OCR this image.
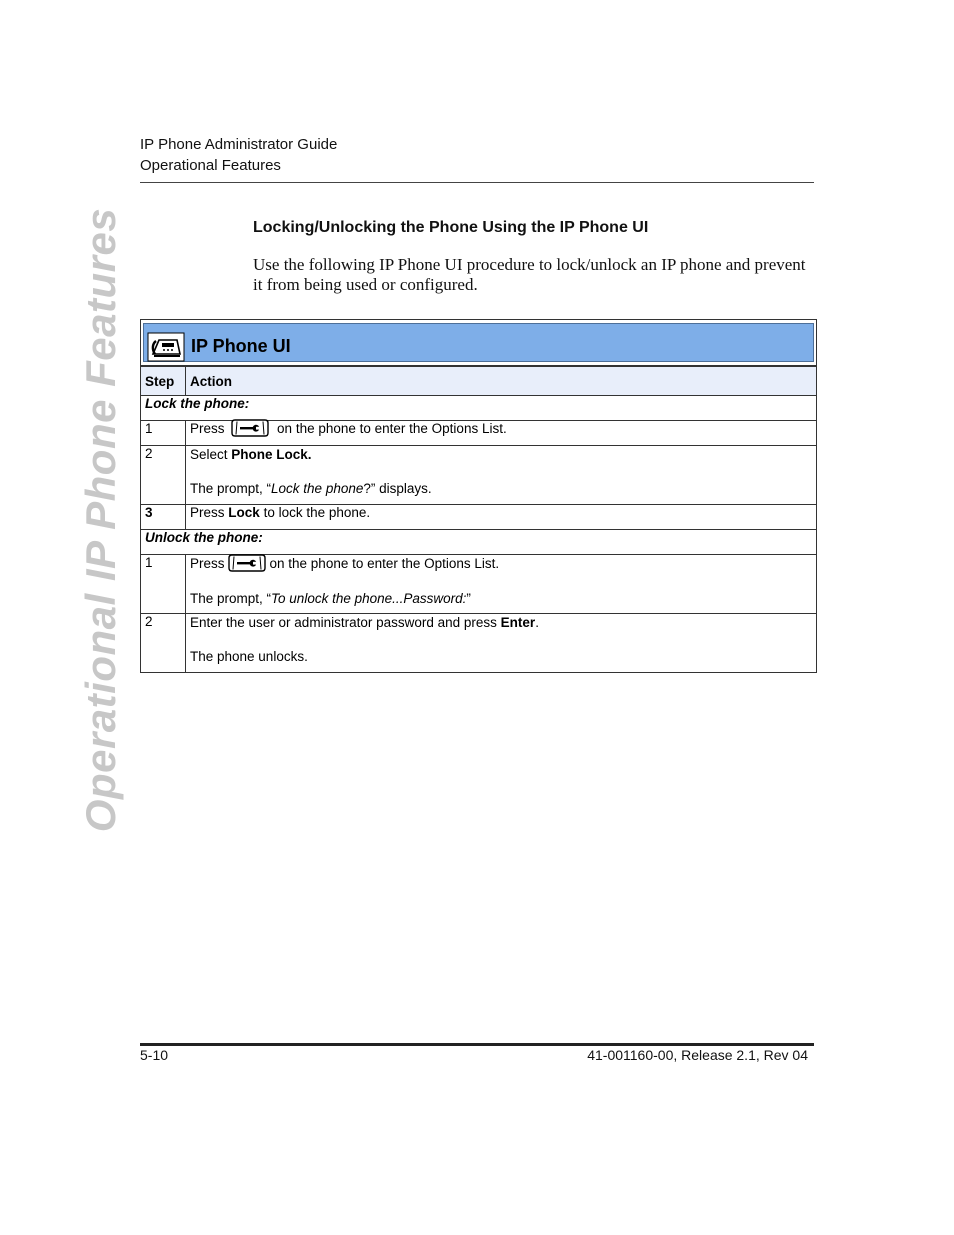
IP Phone Administrator Guide
Operational Features
Operational IP Phone Features	Locking/Unlocking the Phone Using the IP Phone UI
Use the following IP Phone UI procedure to lock/unlock an IP phone and prevent it from being used or configured.
IP Phone UI
Step	Action
Lock the phone:	
1	Press on the phone to enter the Options List.
2	Select Phone Lock.
The prompt, “Lock the phone?” displays.

3	Press Lock to lock the phone.
Unlock the phone:	
1	Press on the phone to enter the Options List.
The prompt, “To unlock the phone...Password:”

2	Enter the user or administrator password and press Enter.
The phone unlocks.
5-10	41-001160-00, Release 2.1, Rev 04
